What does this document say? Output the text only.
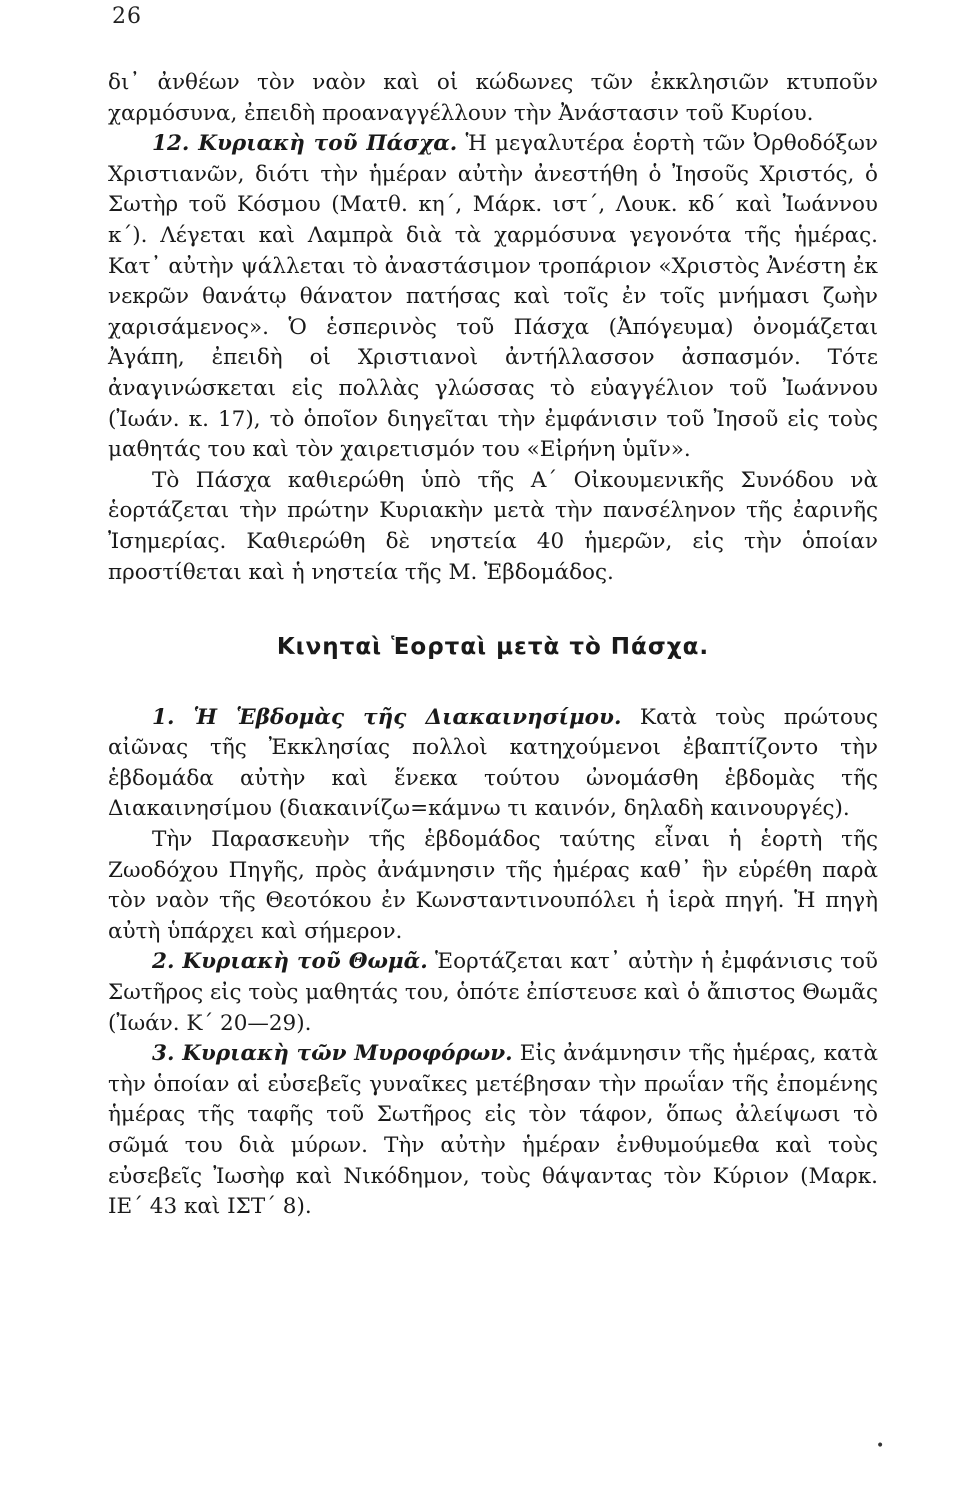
26

δι᾽ ἀνθέων τὸν ναὸν καὶ οἱ κώδωνες τῶν ἐκκλησιῶν κτυποῦν χαρμόσυνα, ἐπειδὴ προαναγγέλλουν τὴν Ἀνάστασιν τοῦ Κυρίου.

12. Κυριακὴ τοῦ Πάσχα. Ἡ μεγαλυτέρα ἑορτὴ τῶν Ὀρθοδόξων Χριστιανῶν, διότι τὴν ἡμέραν αὐτὴν ἀνεστήθη ὁ Ἰησοῦς Χριστός, ὁ Σωτὴρ τοῦ Κόσμου (Ματθ. κη΄, Μάρκ. ιστ΄, Λουκ. κδ΄ καὶ Ἰωάννου κ΄). Λέγεται καὶ Λαμπρὰ διὰ τὰ χαρμόσυνα γεγονότα τῆς ἡμέρας. Κατ᾽ αὐτὴν ψάλλεται τὸ ἀναστάσιμον τροπάριον «Χριστὸς Ἀνέστη ἐκ νεκρῶν θανάτῳ θάνατον πατήσας καὶ τοῖς ἐν τοῖς μνήμασι ζωὴν χαρισάμενος». Ὁ ἑσπερινὸς τοῦ Πάσχα (Ἀπόγευμα) ὀνομάζεται Ἀγάπη, ἐπειδὴ οἱ Χριστιανοὶ ἀντήλλασσον ἀσπασμόν. Τότε ἀναγινώσκεται εἰς πολλὰς γλώσσας τὸ εὐαγγέλιον τοῦ Ἰωάννου (Ἰωάν. κ. 17), τὸ ὁποῖον διηγεῖται τὴν ἐμφάνισιν τοῦ Ἰησοῦ εἰς τοὺς μαθητάς του καὶ τὸν χαιρετισμόν του «Εἰρήνη ὑμῖν».

Τὸ Πάσχα καθιερώθη ὑπὸ τῆς Α΄ Οἰκουμενικῆς Συνόδου νὰ ἑορτάζεται τὴν πρώτην Κυριακὴν μετὰ τὴν πανσέληνον τῆς ἐαρινῆς Ἰσημερίας. Καθιερώθη δὲ νηστεία 40 ἡμερῶν, εἰς τὴν ὁποίαν προστίθεται καὶ ἡ νηστεία τῆς Μ. Ἑβδομάδος.

Κινηταὶ Ἑορταὶ μετὰ τὸ Πάσχα.

1. Ἡ Ἑβδομὰς τῆς Διακαινησίμου. Κατὰ τοὺς πρώτους αἰῶνας τῆς Ἐκκλησίας πολλοὶ κατηχούμενοι ἐβαπτίζοντο τὴν ἑβδομάδα αὐτὴν καὶ ἕνεκα τούτου ὠνομάσθη ἑβδομὰς τῆς Διακαινησίμου (διακαινίζω=κάμνω τι καινόν, δηλαδὴ καινουργές).

Τὴν Παρασκευὴν τῆς ἑβδομάδος ταύτης εἶναι ἡ ἑορτὴ τῆς Ζωοδόχου Πηγῆς, πρὸς ἀνάμνησιν τῆς ἡμέρας καθ᾽ ἣν εὑρέθη παρὰ τὸν ναὸν τῆς Θεοτόκου ἐν Κωνσταντινουπόλει ἡ ἱερὰ πηγή. Ἡ πηγὴ αὐτὴ ὑπάρχει καὶ σήμερον.

2. Κυριακὴ τοῦ Θωμᾶ. Ἑορτάζεται κατ᾽ αὐτὴν ἡ ἐμφάνισις τοῦ Σωτῆρος εἰς τοὺς μαθητάς του, ὁπότε ἐπίστευσε καὶ ὁ ἄπιστος Θωμᾶς (Ἰωάν. Κ΄ 20—29).

3. Κυριακὴ τῶν Μυροφόρων. Εἰς ἀνάμνησιν τῆς ἡμέρας, κατὰ τὴν ὁποίαν αἱ εὐσεβεῖς γυναῖκες μετέβησαν τὴν πρωΐαν τῆς ἐπομένης ἡμέρας τῆς ταφῆς τοῦ Σωτῆρος εἰς τὸν τάφον, ὅπως ἀλείψωσι τὸ σῶμά του διὰ μύρων. Τὴν αὐτὴν ἡμέραν ἐνθυμούμεθα καὶ τοὺς εὐσεβεῖς Ἰωσὴφ καὶ Νικόδημον, τοὺς θάψαντας τὸν Κύριον (Μαρκ. ΙΕ΄ 43 καὶ ΙΣΤ΄ 8).

•
